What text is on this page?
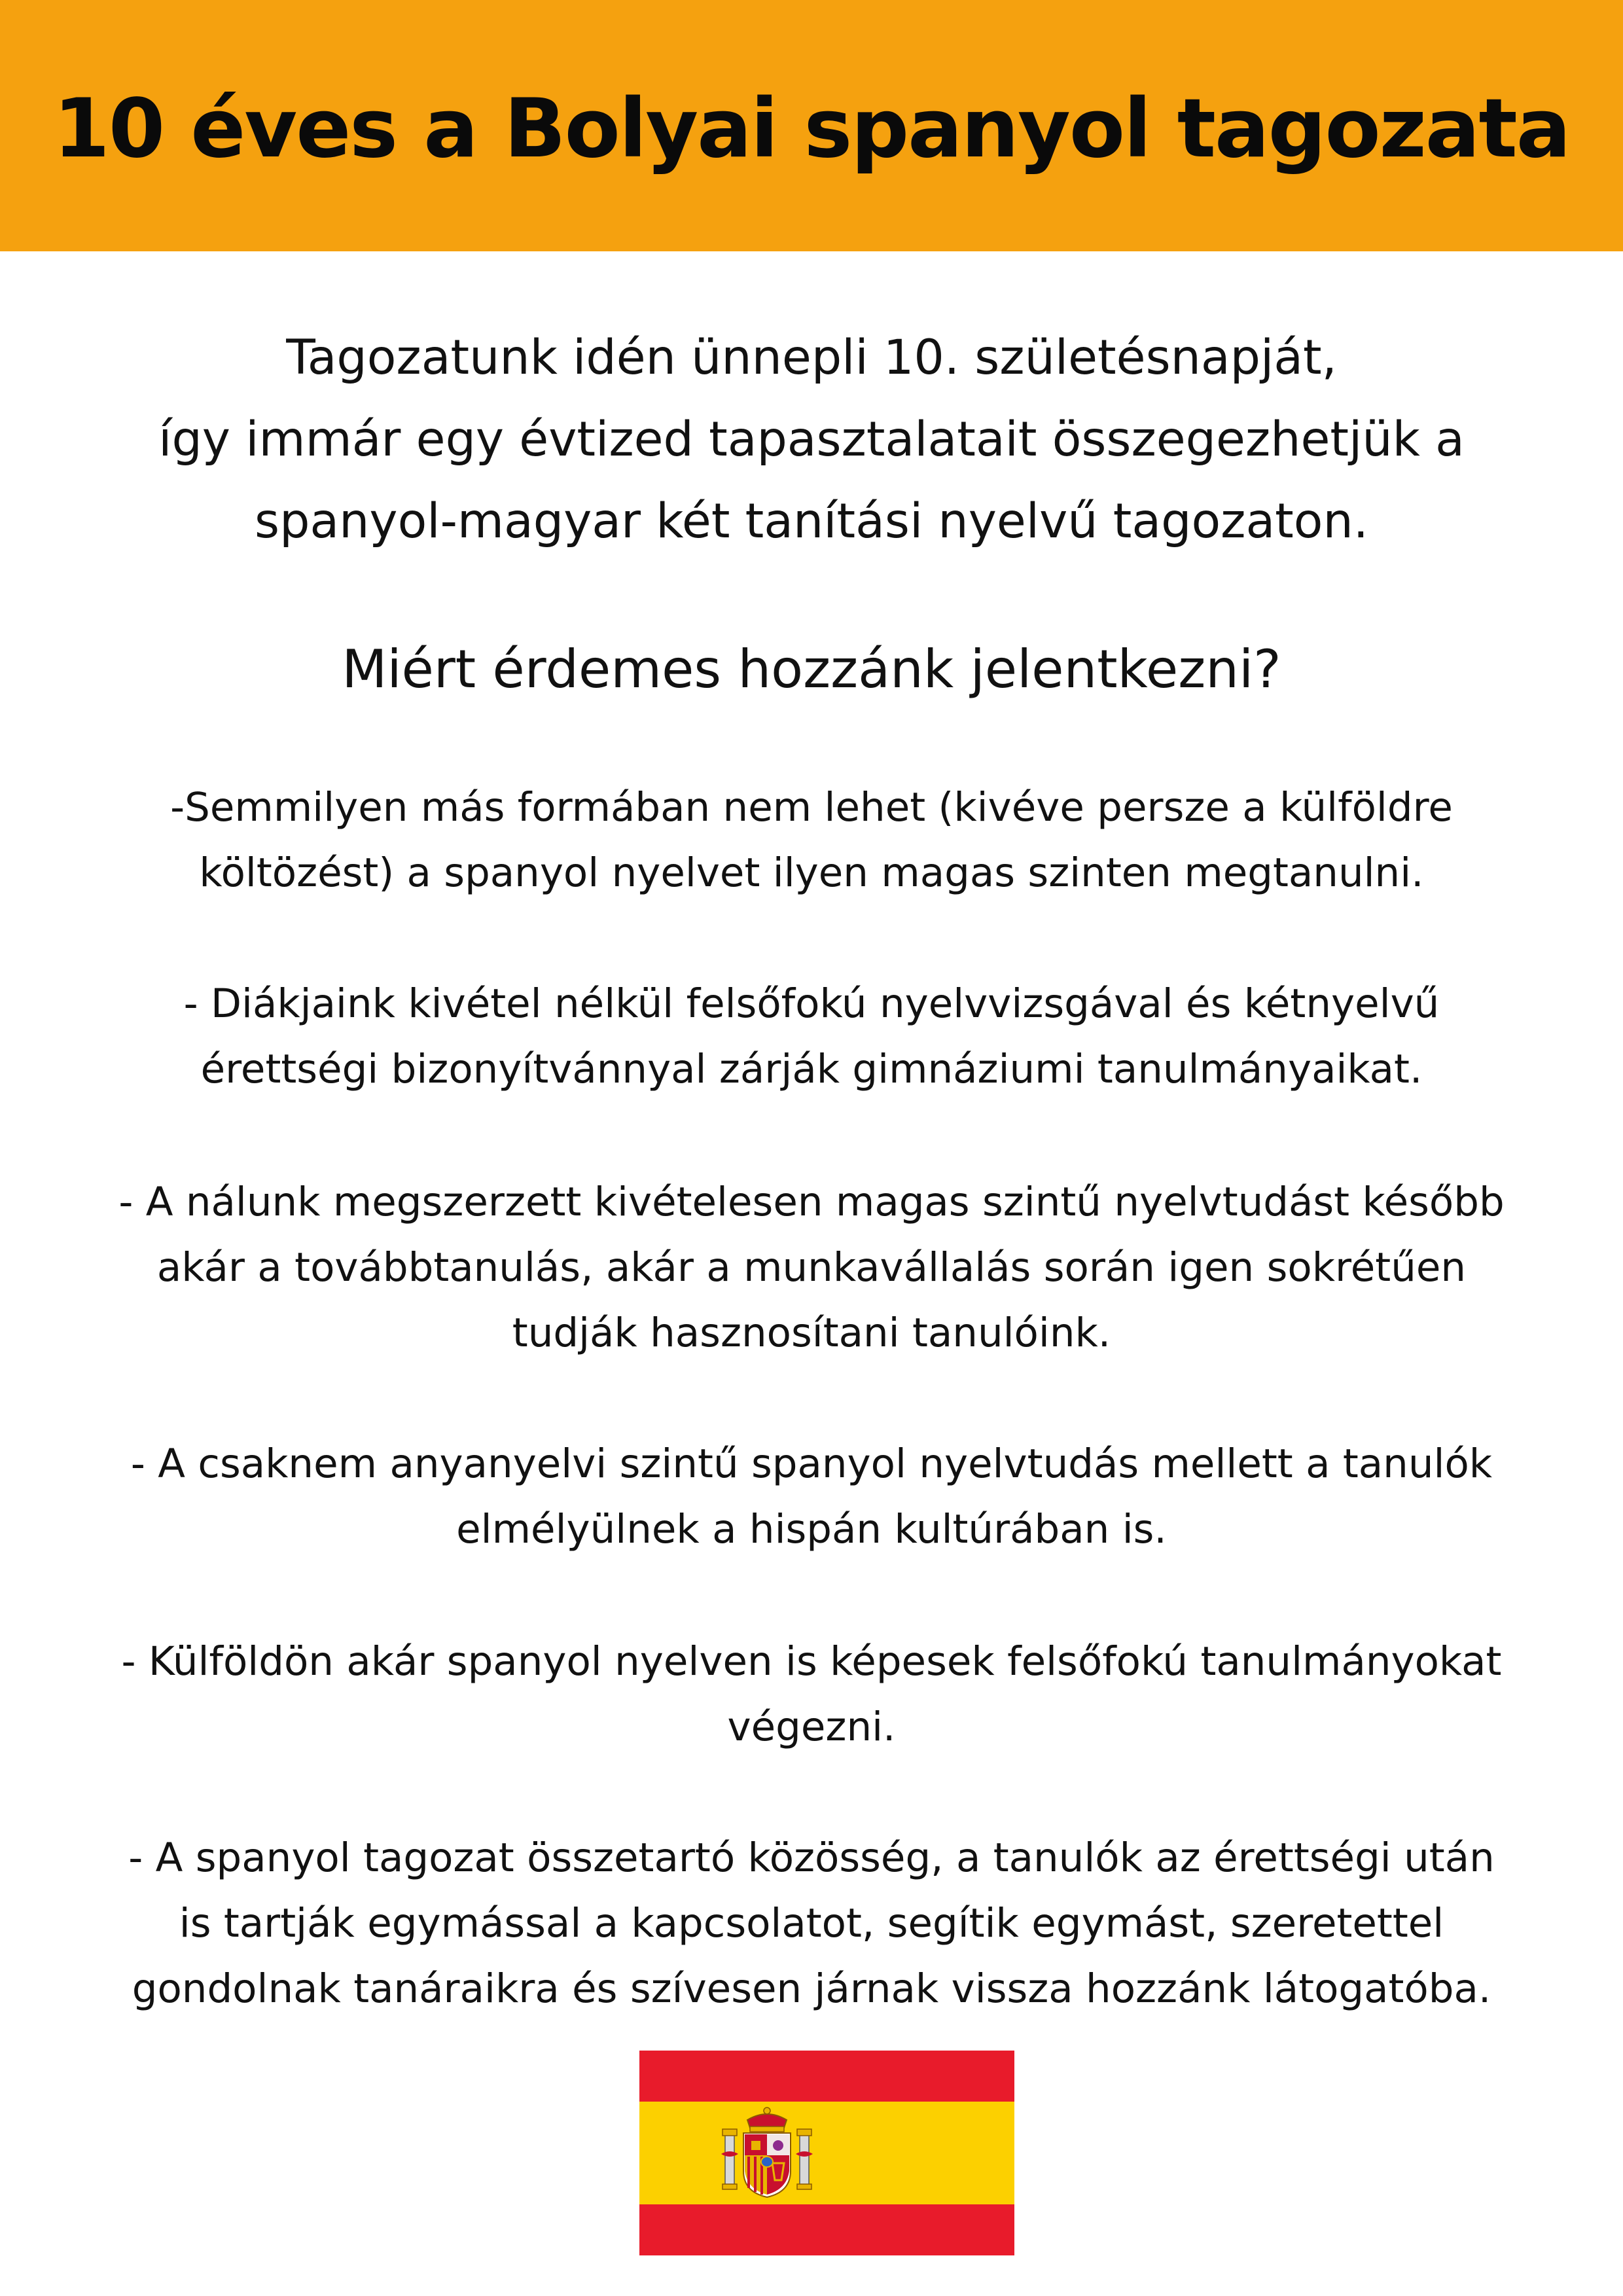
10 éves a Bolyai spanyol tagozata

Tagozatunk idén ünnepli 10. születésnapját,
így immár egy évtized tapasztalatait összegezhetjük a
spanyol-magyar két tanítási nyelvű tagozaton.

Miért érdemes hozzánk jelentkezni?

-Semmilyen más formában nem lehet (kivéve persze a külföldre
költözést) a spanyol nyelvet ilyen magas szinten megtanulni.

- Diákjaink kivétel nélkül felsőfokú nyelvvizsgával és kétnyelvű
érettségi bizonyítvánnyal zárják gimnáziumi tanulmányaikat.

- A nálunk megszerzett kivételesen magas szintű nyelvtudást később
akár a továbbtanulás, akár a munkavállalás során igen sokrétűen
tudják hasznosítani tanulóink.

- A csaknem anyanyelvi szintű spanyol nyelvtudás mellett a tanulók
elmélyülnek a hispán kultúrában is.

- Külföldön akár spanyol nyelven is képesek felsőfokú tanulmányokat
végezni.

- A spanyol tagozat összetartó közösség, a tanulók az érettségi után
is tartják egymással a kapcsolatot, segítik egymást, szeretettel
gondolnak tanáraikra és szívesen járnak vissza hozzánk látogatóba.
